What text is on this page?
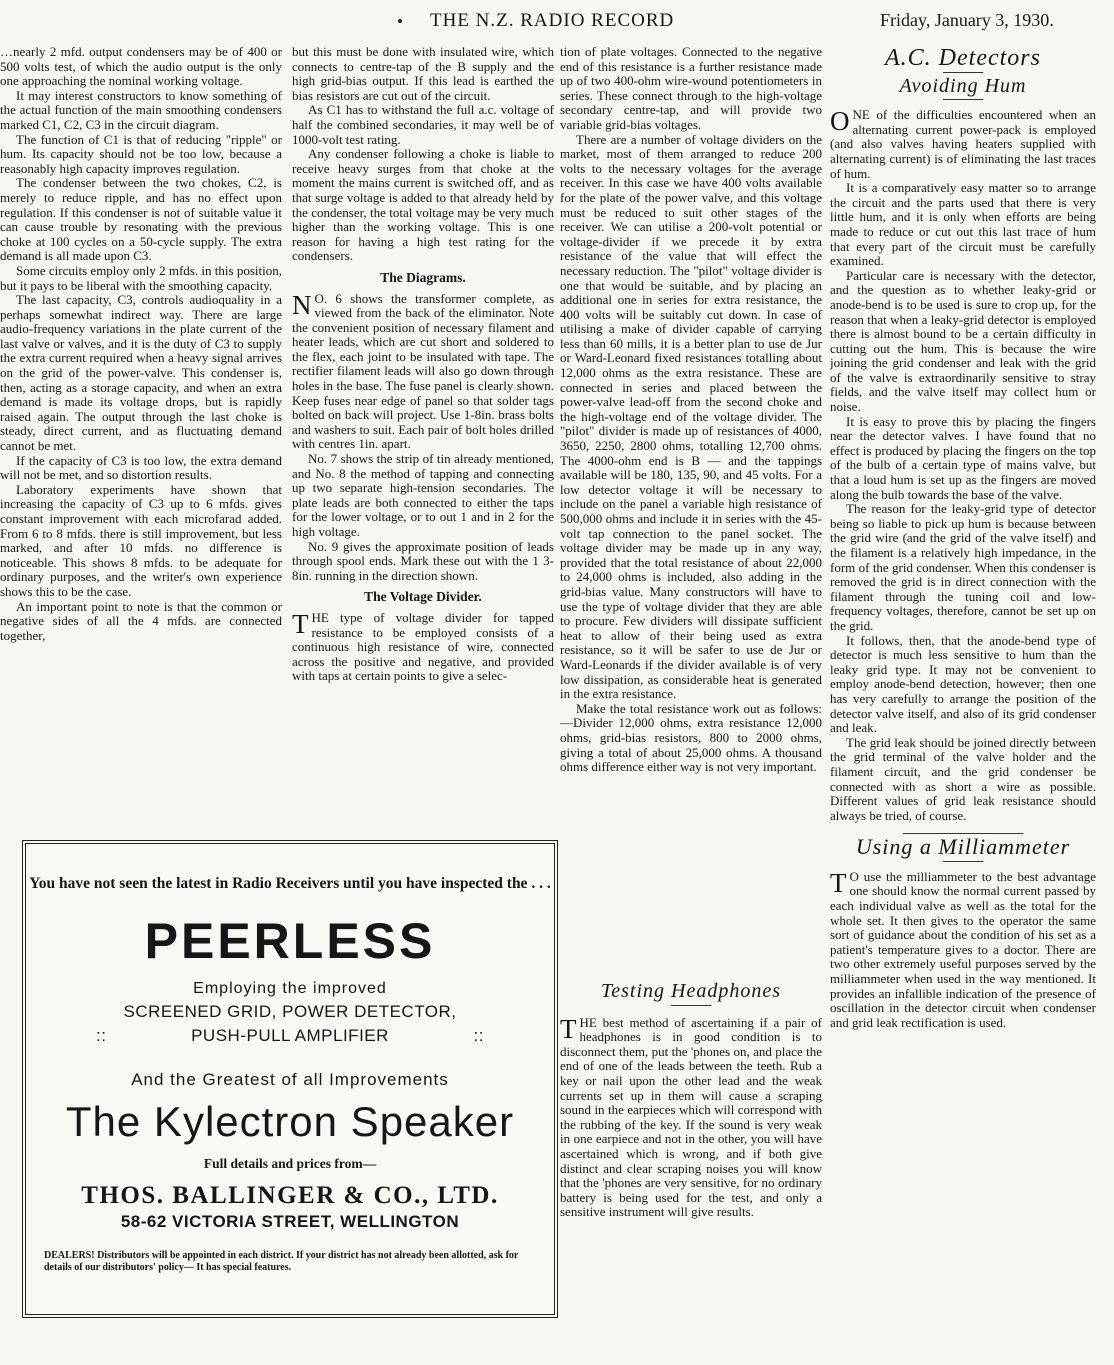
THE N.Z. RADIO RECORD	Friday, January 3, 1930.

…nearly 2 mfd. output condensers may be of 400 or 500 volts test, of which the audio output is the only one approaching the nominal working voltage.

It may interest constructors to know something of the actual function of the main smoothing condensers marked C1, C2, C3 in the circuit diagram.

The function of C1 is that of reducing "ripple" or hum. Its capacity should not be too low, because a reasonably high capacity improves regulation.

The condenser between the two chokes, C2, is merely to reduce ripple, and has no effect upon regulation. If this condenser is not of suitable value it can cause trouble by resonating with the previous choke at 100 cycles on a 50-cycle supply. The extra demand is all made upon C3.

Some circuits employ only 2 mfds. in this position, but it pays to be liberal with the smoothing capacity.

The last capacity, C3, controls audioquality in a perhaps somewhat indirect way. There are large audio-frequency variations in the plate current of the last valve or valves, and it is the duty of C3 to supply the extra current required when a heavy signal arrives on the grid of the power-valve. This condenser is, then, acting as a storage capacity, and when an extra demand is made its voltage drops, but is rapidly raised again. The output through the last choke is steady, direct current, and as fluctuating demand cannot be met.

If the capacity of C3 is too low, the extra demand will not be met, and so distortion results.

Laboratory experiments have shown that increasing the capacity of C3 up to 6 mfds. gives constant improvement with each microfarad added. From 6 to 8 mfds. there is still improvement, but less marked, and after 10 mfds. no difference is noticeable. This shows 8 mfds. to be adequate for ordinary purposes, and the writer's own experience shows this to be the case.

An important point to note is that the common or negative sides of all the 4 mfds. are connected together,

but this must be done with insulated wire, which connects to centre-tap of the B supply and the high grid-bias output. If this lead is earthed the bias resistors are cut out of the circuit.

As C1 has to withstand the full a.c. voltage of half the combined secondaries, it may well be of 1000-volt test rating.

Any condenser following a choke is liable to receive heavy surges from that choke at the moment the mains current is switched off, and as that surge voltage is added to that already held by the condenser, the total voltage may be very much higher than the working voltage. This is one reason for having a high test rating for the condensers.

The Diagrams.

N O. 6 shows the transformer complete, as viewed from the back of the eliminator. Note the convenient position of necessary filament and heater leads, which are cut short and soldered to the flex, each joint to be insulated with tape. The rectifier filament leads will also go down through holes in the base. The fuse panel is clearly shown. Keep fuses near edge of panel so that solder tags bolted on back will project. Use 1-8in. brass bolts and washers to suit. Each pair of bolt holes drilled with centres 1in. apart.

No. 7 shows the strip of tin already mentioned, and No. 8 the method of tapping and connecting up two separate high-tension secondaries. The plate leads are both connected to either the taps for the lower voltage, or to out 1 and in 2 for the high voltage.

No. 9 gives the approximate position of leads through spool ends. Mark these out with the 1 3-8in. running in the direction shown.

The Voltage Divider.

THE type of voltage divider for tapped resistance to be employed consists of a continuous high resistance of wire, connected across the positive and negative, and provided with taps at certain points to give a selec-

tion of plate voltages. Connected to the negative end of this resistance is a further resistance made up of two 400-ohm wire-wound potentiometers in series. These connect through to the high-voltage secondary centre-tap, and will provide two variable grid-bias voltages.

There are a number of voltage dividers on the market, most of them arranged to reduce 200 volts to the necessary voltages for the average receiver. In this case we have 400 volts available for the plate of the power valve, and this voltage must be reduced to suit other stages of the receiver. We can utilise a 200-volt potential or voltage-divider if we precede it by extra resistance of the value that will effect the necessary reduction. The "pilot" voltage divider is one that would be suitable, and by placing an additional one in series for extra resistance, the 400 volts will be suitably cut down. In case of utilising a make of divider capable of carrying less than 60 mills, it is a better plan to use de Jur or Ward-Leonard fixed resistances totalling about 12,000 ohms as the extra resistance. These are connected in series and placed between the power-valve lead-off from the second choke and the high-voltage end of the voltage divider. The "pilot" divider is made up of resistances of 4000, 3650, 2250, 2800 ohms, totalling 12,700 ohms. The 4000-ohm end is B — and the tappings available will be 180, 135, 90, and 45 volts. For a low detector voltage it will be necessary to include on the panel a variable high resistance of 500,000 ohms and include it in series with the 45-volt tap connection to the panel socket. The voltage divider may be made up in any way, provided that the total resistance of about 22,000 to 24,000 ohms is included, also adding in the grid-bias value. Many constructors will have to use the type of voltage divider that they are able to procure. Few dividers will dissipate sufficient heat to allow of their being used as extra resistance, so it will be safer to use de Jur or Ward-Leonards if the divider available is of very low dissipation, as considerable heat is generated in the extra resistance.

Make the total resistance work out as follows:—Divider 12,000 ohms, extra resistance 12,000 ohms, grid-bias resistors, 800 to 2000 ohms, giving a total of about 25,000 ohms. A thousand ohms difference either way is not very important.

Testing Headphones

THE best method of ascertaining if a pair of headphones is in good condition is to disconnect them, put the 'phones on, and place the end of one of the leads between the teeth. Rub a key or nail upon the other lead and the weak currents set up in them will cause a scraping sound in the earpieces which will correspond with the rubbing of the key. If the sound is very weak in one earpiece and not in the other, you will have ascertained which is wrong, and if both give distinct and clear scraping noises you will know that the 'phones are very sensitive, for no ordinary battery is being used for the test, and only a sensitive instrument will give results.

A.C. Detectors
Avoiding Hum

ONE of the difficulties encountered when an alternating current power-pack is employed (and also valves having heaters supplied with alternating current) is of eliminating the last traces of hum.

It is a comparatively easy matter so to arrange the circuit and the parts used that there is very little hum, and it is only when efforts are being made to reduce or cut out this last trace of hum that every part of the circuit must be carefully examined.

Particular care is necessary with the detector, and the question as to whether leaky-grid or anode-bend is to be used is sure to crop up, for the reason that when a leaky-grid detector is employed there is almost bound to be a certain difficulty in cutting out the hum. This is because the wire joining the grid condenser and leak with the grid of the valve is extraordinarily sensitive to stray fields, and the valve itself may collect hum or noise.

It is easy to prove this by placing the fingers near the detector valves. I have found that no effect is produced by placing the fingers on the top of the bulb of a certain type of mains valve, but that a loud hum is set up as the fingers are moved along the bulb towards the base of the valve.

The reason for the leaky-grid type of detector being so liable to pick up hum is because between the grid wire (and the grid of the valve itself) and the filament is a relatively high impedance, in the form of the grid condenser. When this condenser is removed the grid is in direct connection with the filament through the tuning coil and low-frequency voltages, therefore, cannot be set up on the grid.

It follows, then, that the anode-bend type of detector is much less sensitive to hum than the leaky grid type. It may not be convenient to employ anode-bend detection, however; then one has very carefully to arrange the position of the detector valve itself, and also of its grid condenser and leak.

The grid leak should be joined directly between the grid terminal of the valve holder and the filament circuit, and the grid condenser be connected with as short a wire as possible. Different values of grid leak resistance should always be tried, of course.

Using a Milliammeter

T O use the milliammeter to the best advantage one should know the normal current passed by each individual valve as well as the total for the whole set. It then gives to the operator the same sort of guidance about the condition of his set as a patient's temperature gives to a doctor. There are two other extremely useful purposes served by the milliammeter when used in the way mentioned. It provides an infallible indication of the presence of oscillation in the detector circuit when condenser and grid leak rectification is used.

You have not seen the latest in Radio Receivers until you have inspected the . . .
PEERLESS
Employing the improved
SCREENED GRID, POWER DETECTOR,
::	PUSH-PULL AMPLIFIER	::
And the Greatest of all Improvements
The Kylectron Speaker
Full details and prices from—
THOS. BALLINGER & CO., LTD.
58-62 VICTORIA STREET, WELLINGTON
DEALERS! Distributors will be appointed in each district. If your district has not already been allotted, ask for details of our distributors' policy— It has special features.
